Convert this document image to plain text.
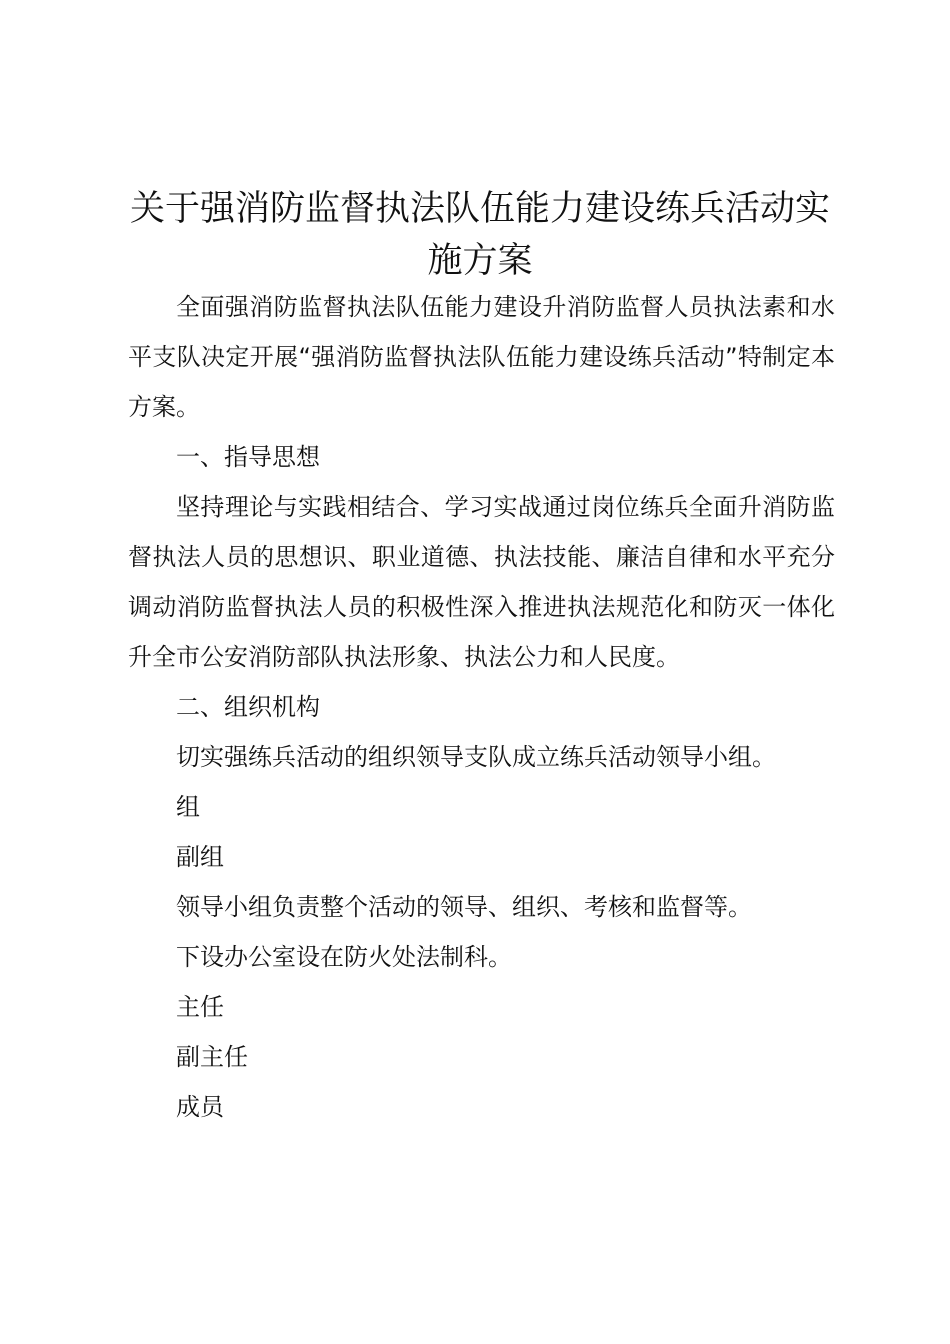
关于强消防监督执法队伍能力建设练兵活动实施方案

全面强消防监督执法队伍能力建设升消防监督人员执法素和水平支队决定开展“强消防监督执法队伍能力建设练兵活动”特制定本方案。

一、指导思想

坚持理论与实践相结合、学习实战通过岗位练兵全面升消防监督执法人员的思想识、职业道德、执法技能、廉洁自律和水平充分调动消防监督执法人员的积极性深入推进执法规范化和防灭一体化升全市公安消防部队执法形象、执法公力和人民度。

二、组织机构

切实强练兵活动的组织领导支队成立练兵活动领导小组。

组

副组

领导小组负责整个活动的领导、组织、考核和监督等。

下设办公室设在防火处法制科。

主任

副主任

成员
